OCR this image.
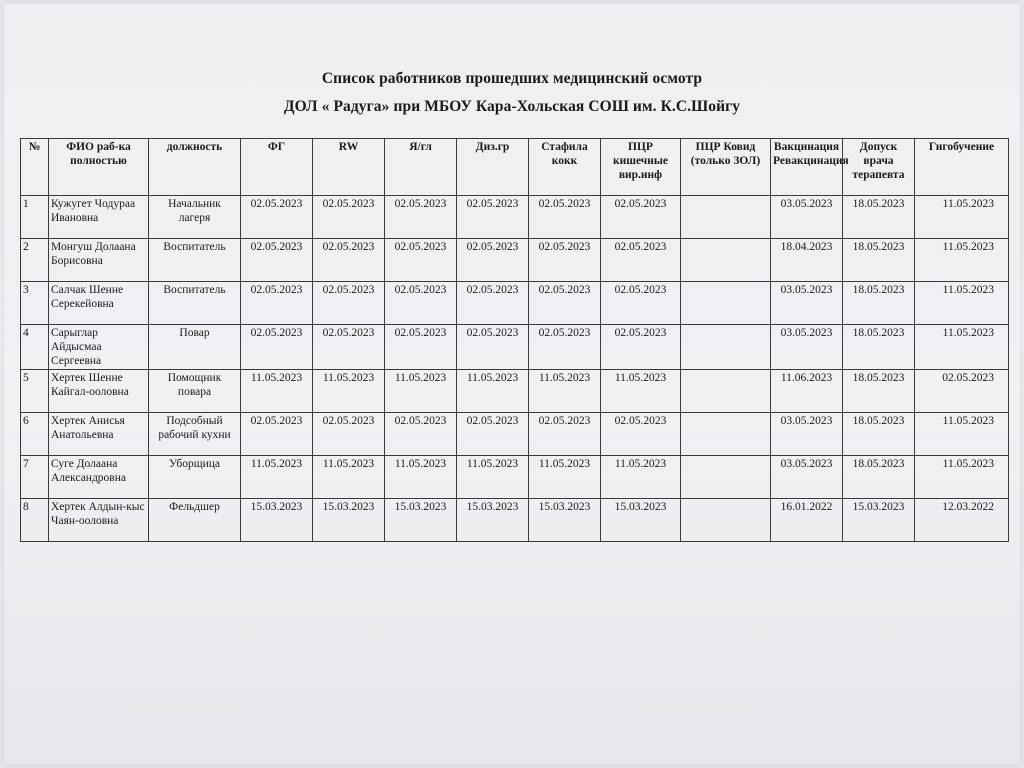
Список работников прошедших медицинский осмотр
ДОЛ « Радуга» при МБОУ Кара-Хольская СОШ им. К.С.Шойгу
№	ФИО раб-ка полностью	должность	ФГ	RW	Я/гл	Диз.гр	Стафила кокк	ПЦР кишечные вир.инф	ПЦР Ковид (только ЗОЛ)	Вакцинация Ревакцинация	Допуск врача терапевта	Гигобучение
1	Кужугет Чодураа Ивановна	Начальник лагеря	02.05.2023	02.05.2023	02.05.2023	02.05.2023	02.05.2023	02.05.2023		03.05.2023	18.05.2023	11.05.2023
2	Монгуш Долаана Борисовна	Воспитатель	02.05.2023	02.05.2023	02.05.2023	02.05.2023	02.05.2023	02.05.2023		18.04.2023	18.05.2023	11.05.2023
3	Салчак Шенне Серекейовна	Воспитатель	02.05.2023	02.05.2023	02.05.2023	02.05.2023	02.05.2023	02.05.2023		03.05.2023	18.05.2023	11.05.2023
4	Сарыглар Айдысмаа Сергеевна	Повар	02.05.2023	02.05.2023	02.05.2023	02.05.2023	02.05.2023	02.05.2023		03.05.2023	18.05.2023	11.05.2023
5	Хертек Шенне Кайгал-ооловна	Помощник повара	11.05.2023	11.05.2023	11.05.2023	11.05.2023	11.05.2023	11.05.2023		11.06.2023	18.05.2023	02.05.2023
6	Хертек Анисья Анатольевна	Подсобный рабочий кухни	02.05.2023	02.05.2023	02.05.2023	02.05.2023	02.05.2023	02.05.2023		03.05.2023	18.05.2023	11.05.2023
7	Суге Долаана Александровна	Уборщица	11.05.2023	11.05.2023	11.05.2023	11.05.2023	11.05.2023	11.05.2023		03.05.2023	18.05.2023	11.05.2023
8	Хертек Алдын-кыс Чаян-ооловна	Фельдшер	15.03.2023	15.03.2023	15.03.2023	15.03.2023	15.03.2023	15.03.2023		16.01.2022	15.03.2023	12.03.2022
